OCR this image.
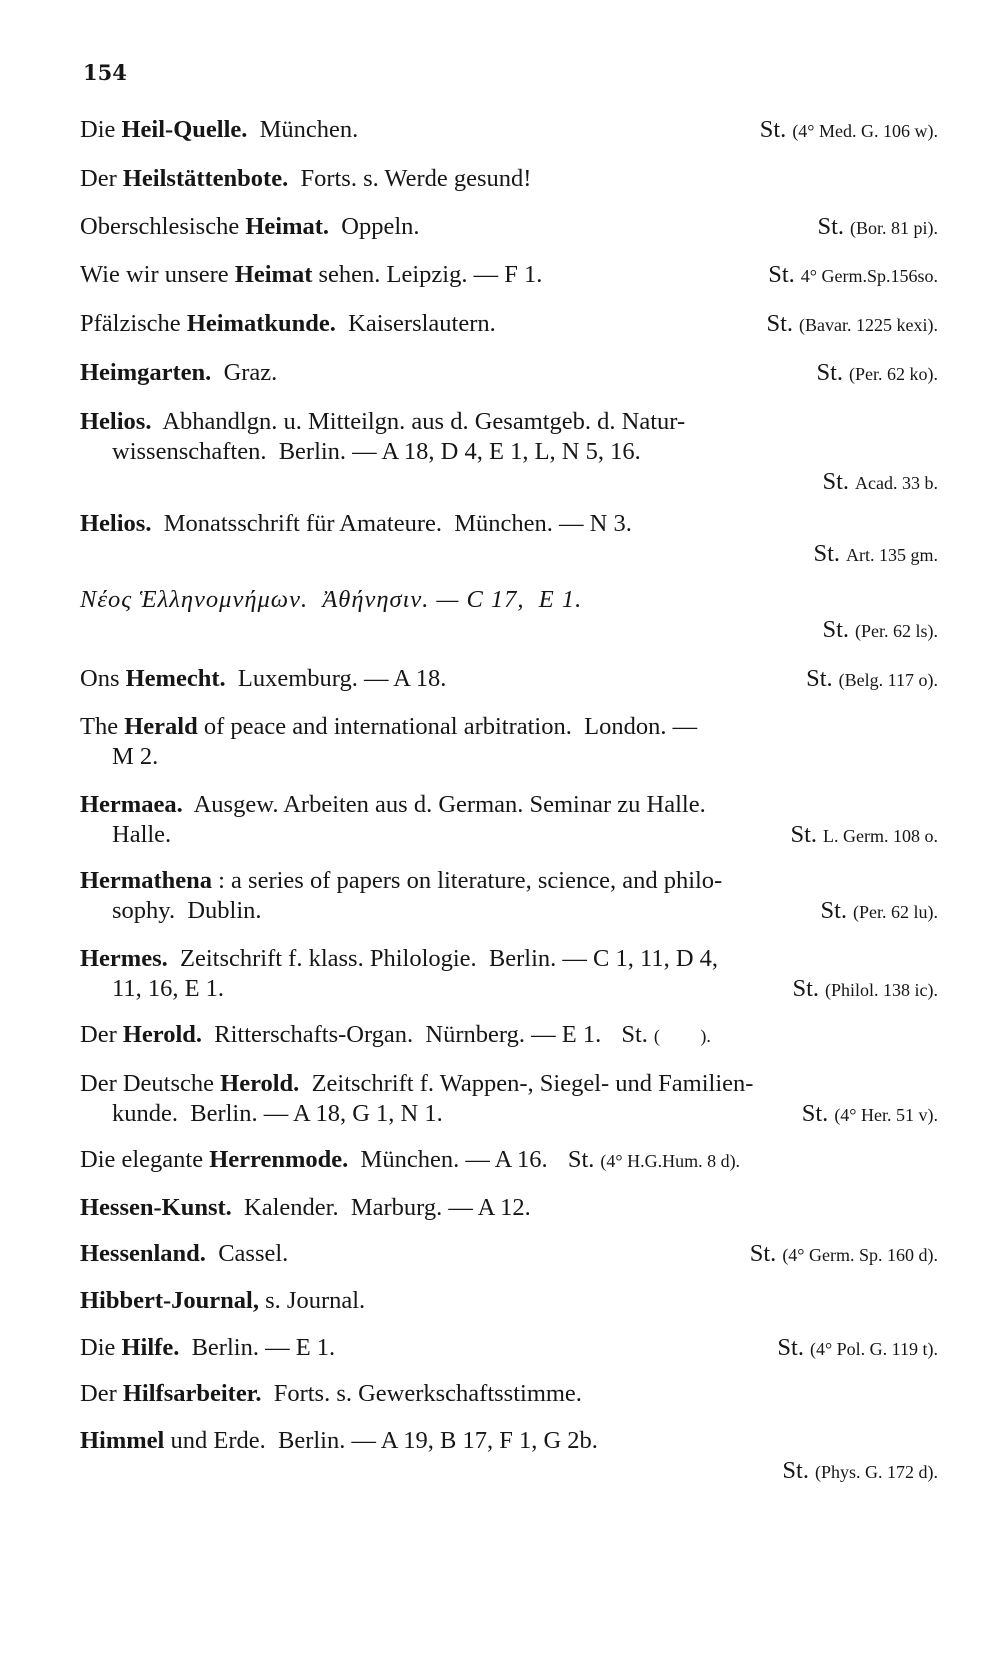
154
Die Heil-Quelle.  München.	St. (4° Med. G. 106 w).
Der Heilstättenbote.  Forts. s. Werde gesund!
Oberschlesische Heimat.  Oppeln.	St. (Bor. 81 pi).
Wie wir unsere Heimat sehen. Leipzig. — F 1.	St. 4° Germ.Sp.156so.
Pfälzische Heimatkunde.  Kaiserslautern.	St. (Bavar. 1225 kexi).
Heimgarten.  Graz.	St. (Per. 62 ko).
Helios.  Abhandlgn. u. Mitteilgn. aus d. Gesamtgeb. d. Natur-
wissenschaften.  Berlin. — A 18, D 4, E 1, L, N 5, 16.
St. Acad. 33 b.
Helios.  Monatsschrift für Amateure.  München. — N 3.
St. Art. 135 gm.
Νέος Ἑλληνομνήμων.  Ἀθήνησιν. — C 17,  E 1.
St. (Per. 62 ls).
Ons Hemecht.  Luxemburg. — A 18.	St. (Belg. 117 o).
The Herald of peace and international arbitration.  London. —
M 2.
Hermaea.  Ausgew. Arbeiten aus d. German. Seminar zu Halle.
Halle.	St. L. Germ. 108 o.
Hermathena : a series of papers on literature, science, and philo-
sophy.  Dublin.	St. (Per. 62 lu).
Hermes.  Zeitschrift f. klass. Philologie.  Berlin. — C 1, 11, D 4,
11, 16, E 1.	St. (Philol. 138 ic).
Der Herold.  Ritterschafts-Organ.  Nürnberg. — E 1. St. (         ).
Der Deutsche Herold.  Zeitschrift f. Wappen-, Siegel- und Familien-
kunde.  Berlin. — A 18, G 1, N 1.	St. (4° Her. 51 v).
Die elegante Herrenmode.  München. — A 16. St. (4° H.G.Hum. 8 d).
Hessen-Kunst.  Kalender.  Marburg. — A 12.
Hessenland.  Cassel.	St. (4° Germ. Sp. 160 d).
Hibbert-Journal, s. Journal.
Die Hilfe.  Berlin. — E 1.	St. (4° Pol. G. 119 t).
Der Hilfsarbeiter.  Forts. s. Gewerkschaftsstimme.
Himmel und Erde.  Berlin. — A 19, B 17, F 1, G 2b.
St. (Phys. G. 172 d).
